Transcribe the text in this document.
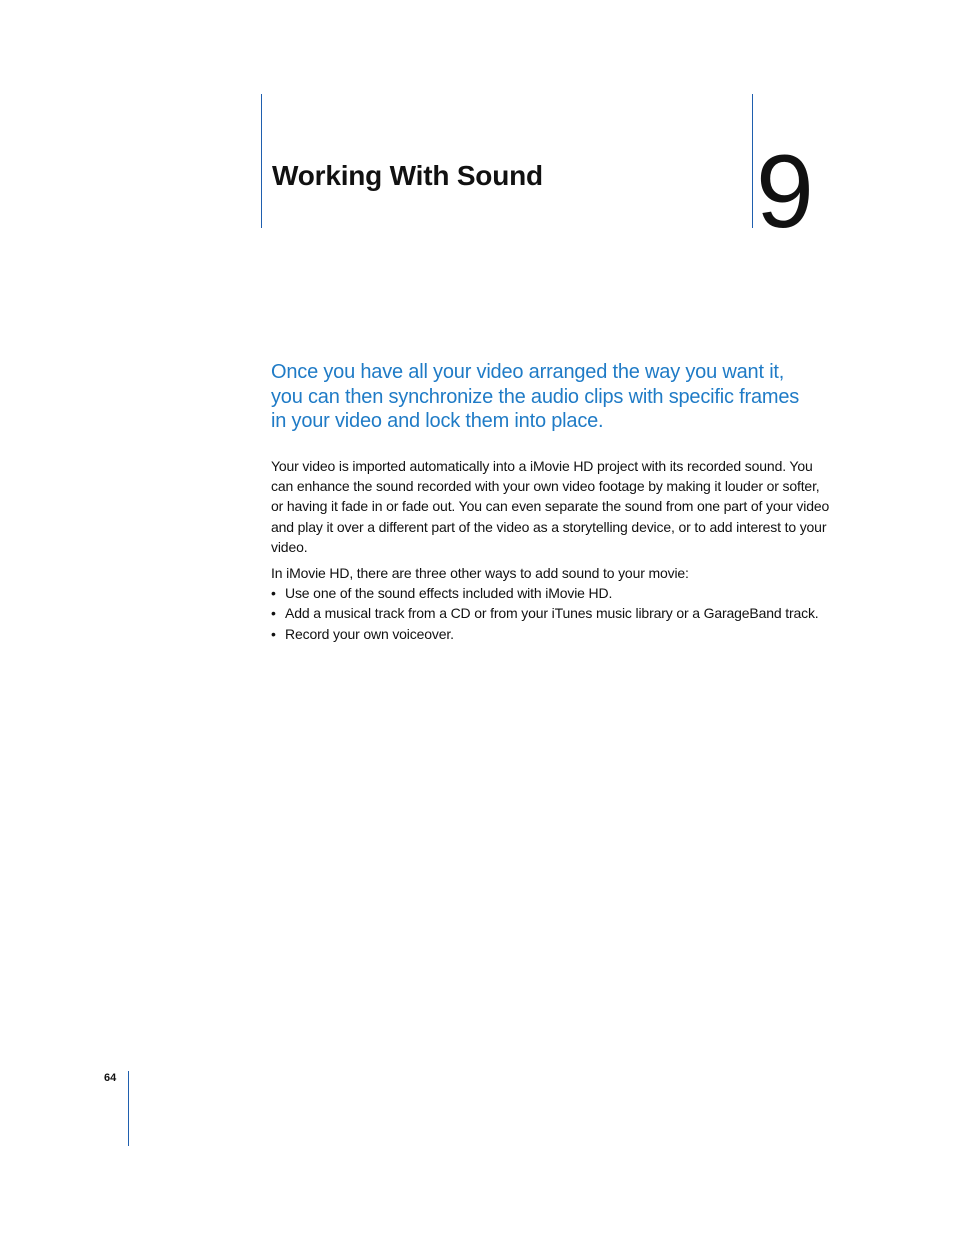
Working With Sound 9

Once you have all your video arranged the way you want it, you can then synchronize the audio clips with specific frames in your video and lock them into place.

Your video is imported automatically into a iMovie HD project with its recorded sound. You can enhance the sound recorded with your own video footage by making it louder or softer, or having it fade in or fade out. You can even separate the sound from one part of your video and play it over a different part of the video as a storytelling device, or to add interest to your video.

In iMovie HD, there are three other ways to add sound to your movie:

• Use one of the sound effects included with iMovie HD.
• Add a musical track from a CD or from your iTunes music library or a GarageBand track.
• Record your own voiceover.
64
